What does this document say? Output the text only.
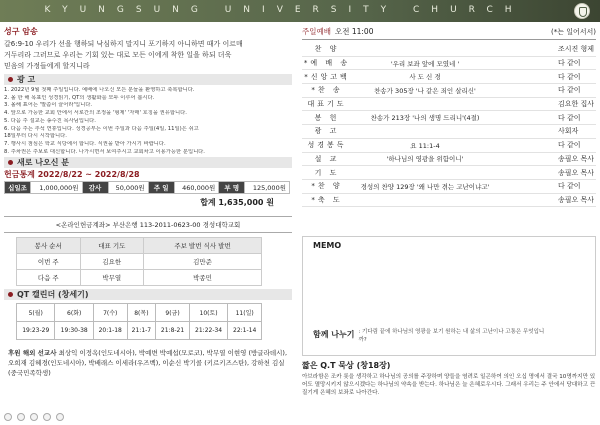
KYUNGSUNG UNIVERSITY CHURCH
성구 암송
갈6:9-10 우리가 선을 행하되 낙심하지 말지니 포기하지 아니하면 때가 이르매
거두리라 그러므로 우리는 기회 있는 대로 모든 이에게 착한 일을 하되 더욱
믿음의 가정들에게 할지니라
광 고

1. 2022년 9월 첫째 주일입니다. 예배에 나오신 모든 분들을 환영하고 축복합니다.

2. 올 한 해 목표인 성경읽기, QT의 생활화를 모두 이루어 봅시다.

3. 올해 표어는 '말씀이 끌어라'입니다.

4. 앞으로 가능한 교회 안에서 서로간의 조정을 '형제' '자매' 호칭을 권유합니다.

5. 다음 주 설교는 송수진 목사님입니다.

6. 다음 주는 추석 연휴입니다. 성경공부는 이번 주일과 다음 주일(4일, 11일)은 쉬고

18일부터 다시 시작합니다.

7. 행사시 점심은 학교 식당에서 합니다. 식권을 받아 가시기 바랍니다.

8. 주차권은 주보로 대신합니다. 나가시면서 보여주시고 교회차고 이용가능한 분입니다.

새로 나오신 분
헌금통계 2022/8/22 ~ 2022/8/28
십일조	1,000,000원	감사	50,000원	주 일	460,000원	부 명	125,000원
합계 1,635,000 원
<온라인헌금계좌> 부산은행 113-2011-0623-00 경성대학교회
봉사 순서	대표 기도	주보 발번 식사 발번
이번 주	김요한	김만준
다음 주	박무열	박종민
QT 캘린더 (창세기)
5(월)	6(화)	7(수)	8(목)	9(금)	10(토)	11(일)
19:23-29	19:30-38	20:1-18	21:1-7	21:8-21	21:22-34	22:1-14
후원 해외 선교사 최상익 이정옥(인도네시아), 박예변 박예섭(모로코), 박무열 이현영 (방글라데시), 오희재 김혜경(인도네시아), 박배래스 이세라(우즈벡), 이순신 박기콜 (키르키즈스탄), 강하천 김실(중국민족학생)
주일예배 오전 11:00	(*는 일어서서)
찬 양	조시진 형제
*예 배 송	'우리 보좌 앞에 모였네 '	다 같이
*신앙고백	사 도 신 경	다 같이
*찬 송	찬송가 305장 '나 같은 죄인 살리신'	다 같이
대표기도	김요한 집사
봉 헌	찬송가 213장 '나의 생명 드리니'(4절)	다 같이
광 고	사회자
성경봉독	요 11:1-4	다 같이
설 교	'하나님의 영광을 위함이니'	송필오 목사
기 도	송필오 목사
*찬 양	경성의 찬양 129장 '왜 나만 겪는 고난이냐고'	다 같이
*축 도	송필오 목사
MEMO
함께 나누기 : 기다림 끝에 하나님의 영광을 보기 원하는 내 삶의 고난이나 고통은 무엇입니까?
짧은 Q.T 묵상 (창18장)
아브라함은 조카 롯을 생각하고 하나님의 공의를 주장하며 양들을 염려로 일곤하여 의인 오십 명에서 결국 10명까지만 있어도 멸망시키지 않으시겠다는 하나님의 약속을 받는다. 하나님은 늘 은혜로우시다. 그래서 우리는 주 안에서 당대하고 끈질기게 은혜의 보좌로 나아간다.
